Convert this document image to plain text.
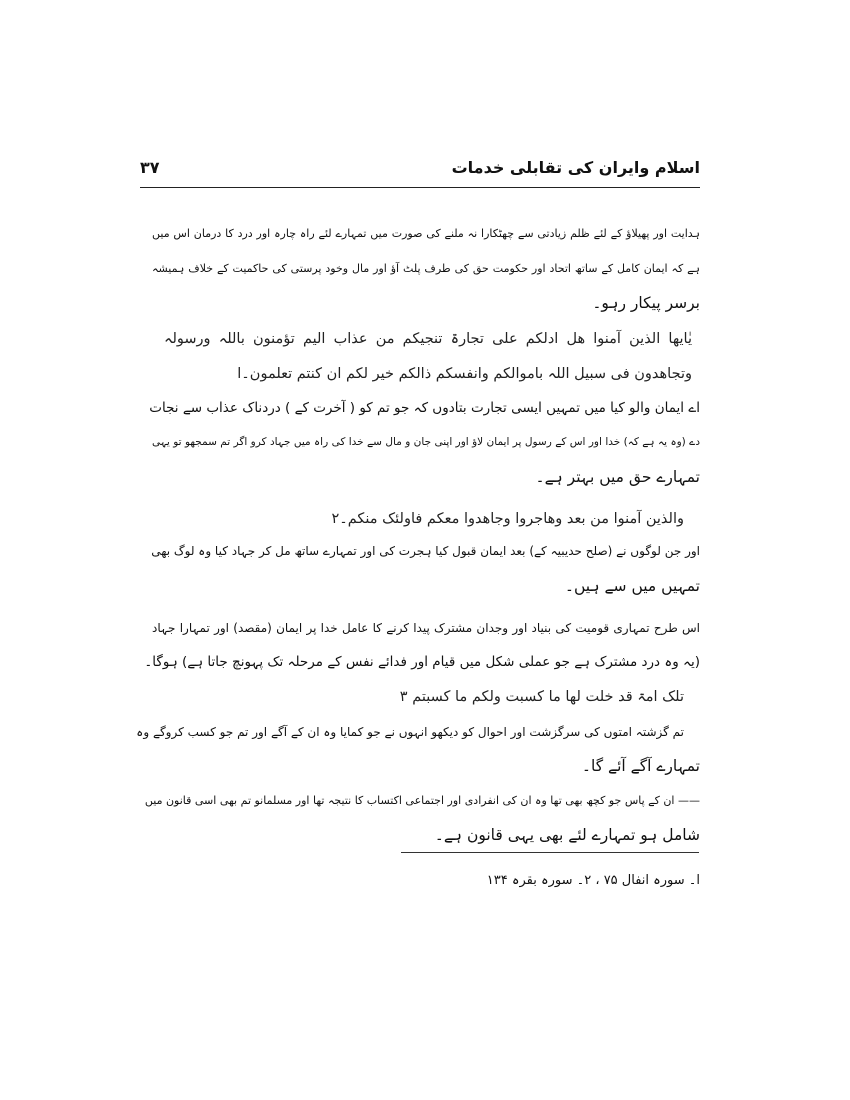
اسلام وایران کی تقابلی خدمات
۳۷
ہدایت اور پھیلاؤ کے لئے ظلم زیادتی سے چھٹکارا نہ ملنے کی صورت میں تمہارے لئے راہ چارہ اور درد کا درمان اس میں
ہے کہ ایمان کامل کے ساتھ اتحاد اور حکومت حق کی طرف پلٹ آؤ اور مال وخود پرستی کی حاکمیت کے خلاف ہمیشہ
برسر پیکار رہو۔
یٰایھا الذین آمنوا ھل ادلکم علی تجارۃ تنجیکم من عذاب الیم تؤمنون باللہ ورسولہ
وتجاھدون فی سبیل اللہ باموالکم وانفسکم ذالکم خیر لکم ان کنتم تعلمون۔ا
اے ایمان والو کیا میں تمہیں ایسی تجارت بتادوں کہ جو تم کو ( آخرت کے ) دردناک عذاب سے نجات
دے (وہ یہ ہے کہ) خدا اور اس کے رسول پر ایمان لاؤ اور اپنی جان و مال سے خدا کی راہ میں جہاد کرو اگر تم سمجھو تو یہی
تمہارے حق میں بہتر ہے۔
والذین آمنوا من بعد وھاجروا وجاھدوا معکم فاولئک منکم۔۲
اور جن لوگوں نے (صلح حدیبیہ کے) بعد ایمان قبول کیا ہجرت کی اور تمہارے ساتھ مل کر جہاد کیا وہ لوگ بھی
تمہیں میں سے ہیں۔
اس طرح تمہاری قومیت کی بنیاد اور وجدان مشترک پیدا کرنے کا عامل خدا پر ایمان (مقصد) اور تمہارا جہاد
(یہ وہ درد مشترک ہے جو عملی شکل میں قیام اور فدائے نفس کے مرحلہ تک پہونچ جاتا ہے) ہوگا۔
تلک امۃ قد خلت لھا ما کسبت ولکم ما کسبتم ۳
تم گزشتہ امتوں کی سرگزشت اور احوال کو دیکھو انہوں نے جو کمایا وہ ان کے آگے اور تم جو کسب کروگے وہ
تمہارے آگے آئے گا۔
—— ان کے پاس جو کچھ بھی تھا وہ ان کی انفرادی اور اجتماعی اکتساب کا نتیجہ تھا اور مسلمانو تم بھی اسی قانون میں
شامل ہو تمہارے لئے بھی یہی قانون ہے۔
ا۔ سورہ انفال ۷۵ ، ۲۔ سورہ بقرہ ۱۳۴
